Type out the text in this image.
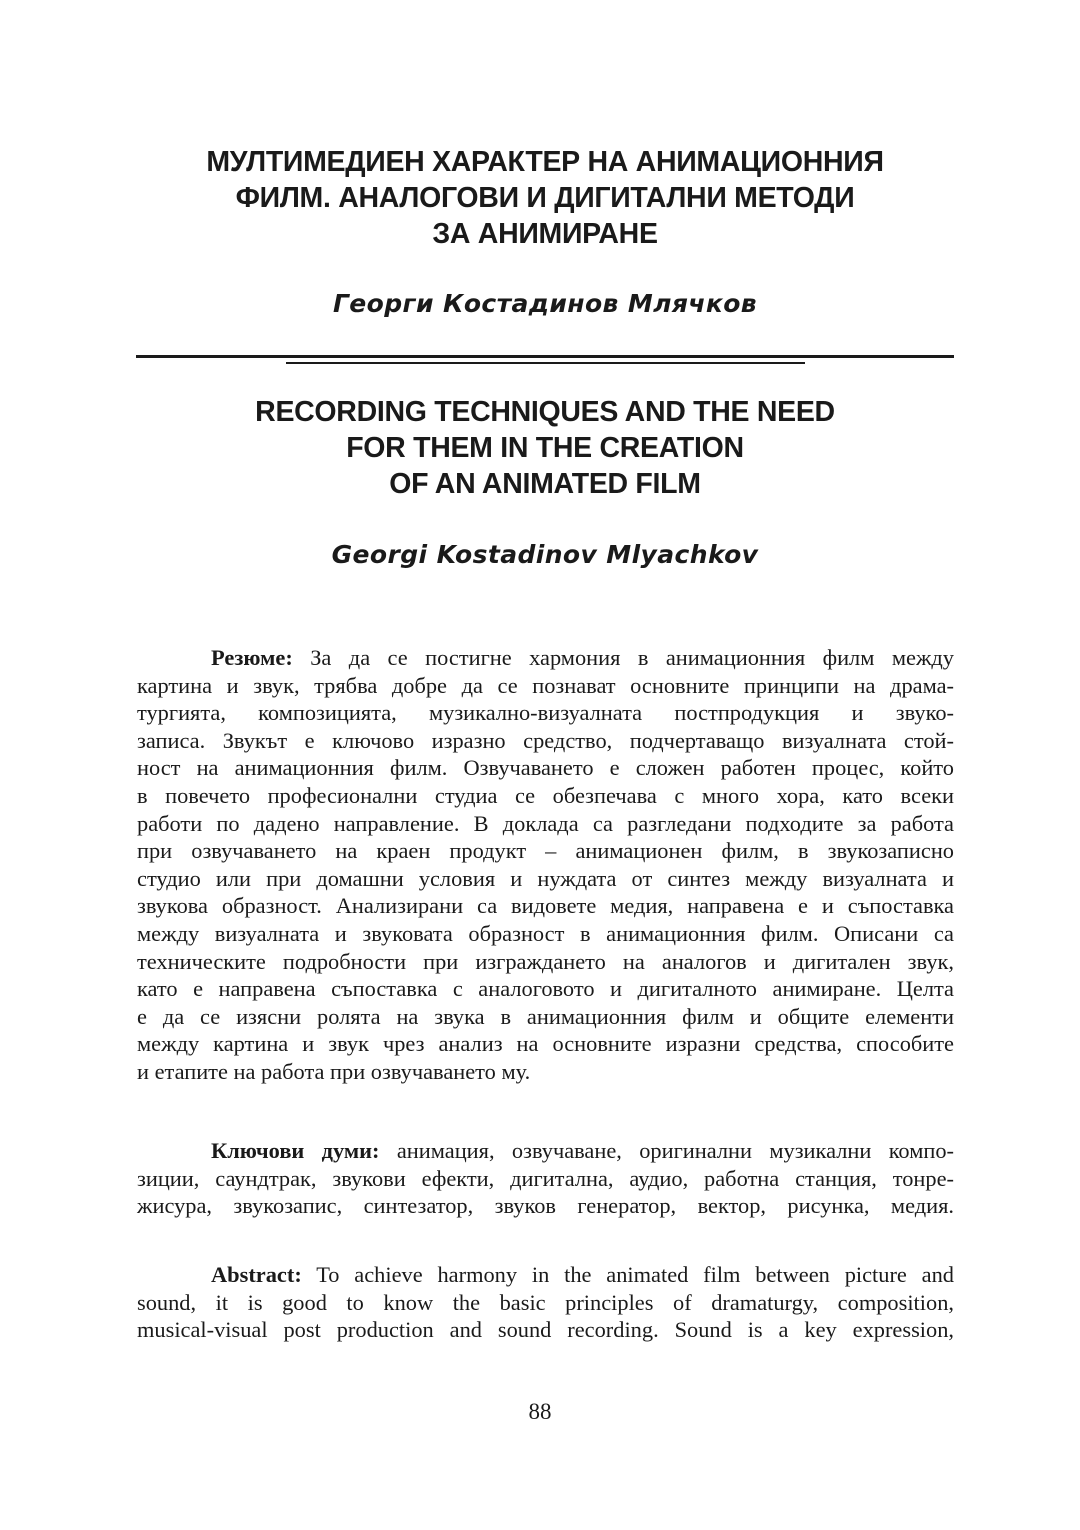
МУЛТИМЕДИЕН ХАРАКТЕР НА АНИМАЦИОННИЯ
ФИЛМ. АНАЛОГОВИ И ДИГИТАЛНИ МЕТОДИ
ЗА АНИМИРАНЕ
Георги Костадинов Млячков
RECORDING TECHNIQUES AND THE NEED
FOR THEM IN THE CREATION
OF AN ANIMATED FILM
Georgi Kostadinov Mlyachkov
Резюме: За да се постигне хармония в анимационния филм между
картина и звук, трябва добре да се познават основните принципи на драма-
тургията, композицията, музикално-визуалната постпродукция и звуко-
записа. Звукът е ключово изразно средство, подчертаващо визуалната стой-
ност на анимационния филм. Озвучаването е сложен работен процес, който
в повечето професионални студиа се обезпечава с много хора, като всеки
работи по дадено направление. В доклада са разгледани подходите за работа
при озвучаването на краен продукт – анимационен филм, в звукозаписно
студио или при домашни условия и нуждата от синтез между визуалната и
звукова образност. Анализирани са видовете медия, направена е и съпоставка
между визуалната и звуковата образност в анимационния филм. Описани са
техническите подробности при изграждането на аналогов и дигитален звук,
като е направена съпоставка с аналоговото и дигиталното анимиране. Целта
е да се изясни ролята на звука в анимационния филм и общите елементи
между картина и звук чрез анализ на основните изразни средства, способите
и етапите на работа при озвучаването му.
Ключови думи: анимация, озвучаване, оригинални музикални компо-
зиции, саундтрак, звукови ефекти, дигитална, аудио, работна станция, тонре-
жисура, звукозапис, синтезатор, звуков генератор, вектор, рисунка, медия.
Abstract: To achieve harmony in the animated film between picture and
sound, it is good to know the basic principles of dramaturgy, composition,
musical-visual post production and sound recording. Sound is a key expression,
88
